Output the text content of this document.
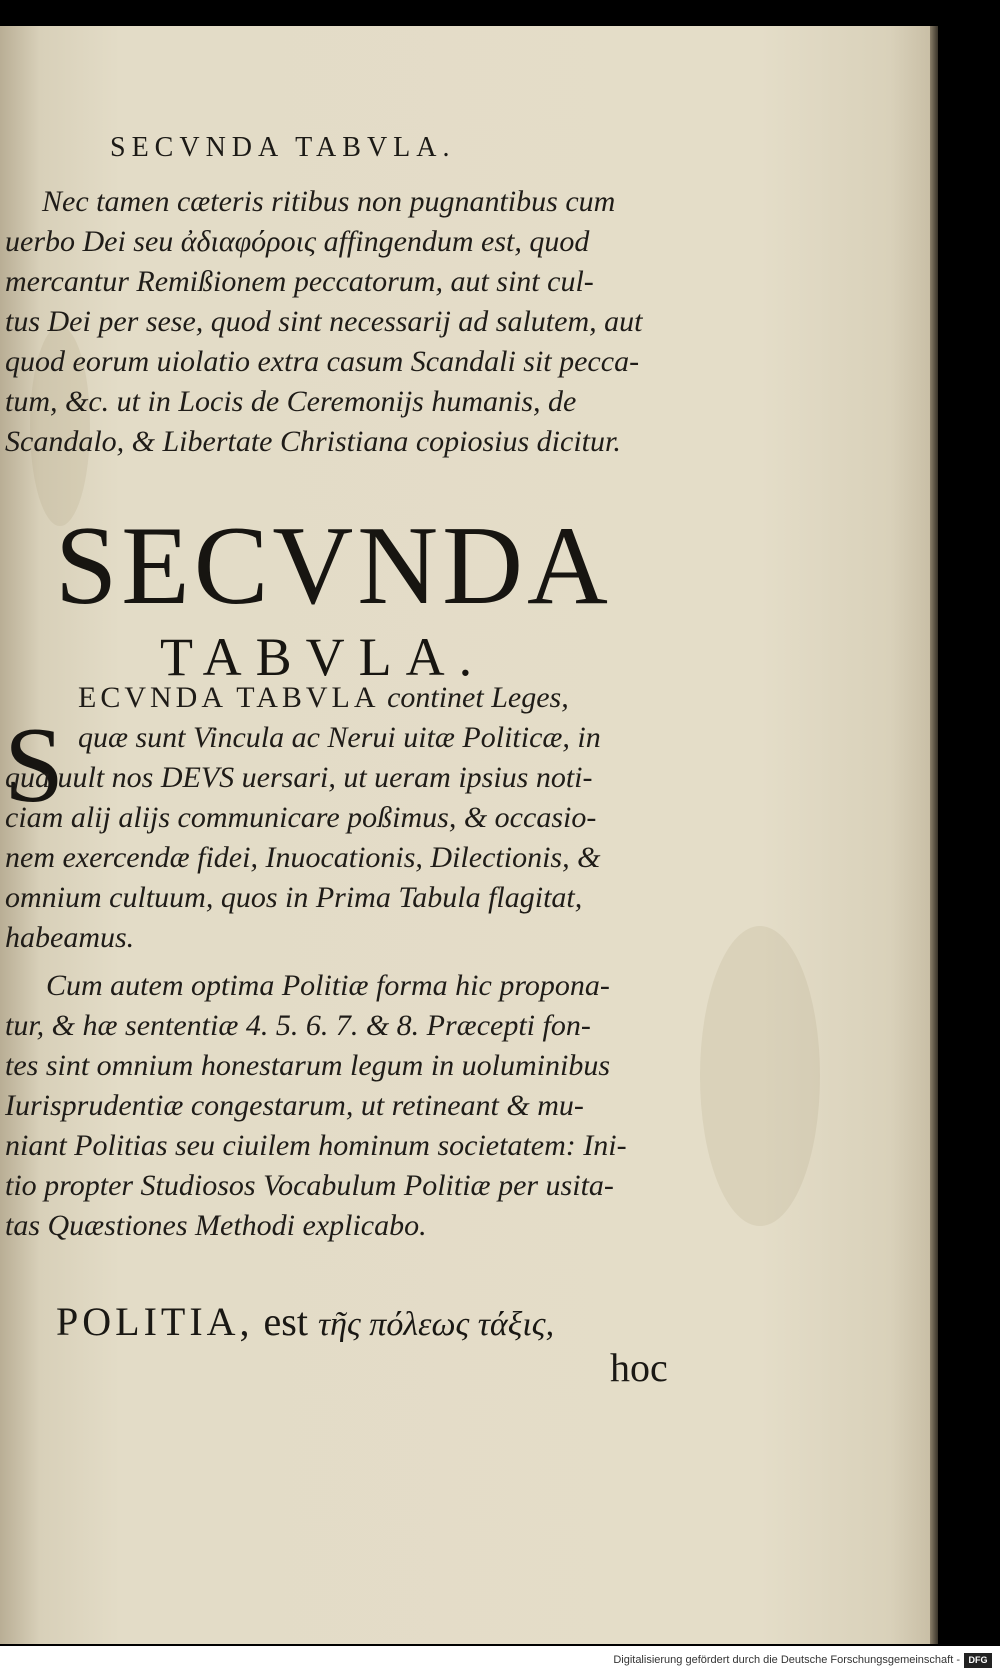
SECVNDA TABVLA.
Nec tamen cæteris ritibus non pugnantibus cum
uerbo Dei seu ἀδιαφόροις affingendum est, quod
mercantur Remißionem peccatorum, aut sint cul-
tus Dei per sese, quod sint necessarij ad salutem, aut
quod eorum uiolatio extra casum Scandali sit pecca-
tum, &c. ut in Locis de Ceremonijs humanis, de
Scandalo, & Libertate Christiana copiosius dicitur.
SECVNDA
TABVLA.
S
ECVNDA TABVLA continet Leges,
quæ sunt Vincula ac Nerui uitæ Politicæ, in
qua uult nos DEVS uersari, ut ueram ipsius noti-
ciam alij alijs communicare poßimus, & occasio-
nem exercendæ fidei, Inuocationis, Dilectionis, &
omnium cultuum, quos in Prima Tabula flagitat,
habeamus.
Cum autem optima Politiæ forma hic propona-
tur, & hæ sententiæ 4. 5. 6. 7. & 8. Præcepti fon-
tes sint omnium honestarum legum in uoluminibus
Iurisprudentiæ congestarum, ut retineant & mu-
niant Politias seu ciuilem hominum societatem: Ini-
tio propter Studiosos Vocabulum Politiæ per usita-
tas Quæstiones Methodi explicabo.
POLITIA, est τῆς πόλεως τάξις,
hoc
Digitalisierung gefördert durch die Deutsche Forschungsgemeinschaft - DFG
